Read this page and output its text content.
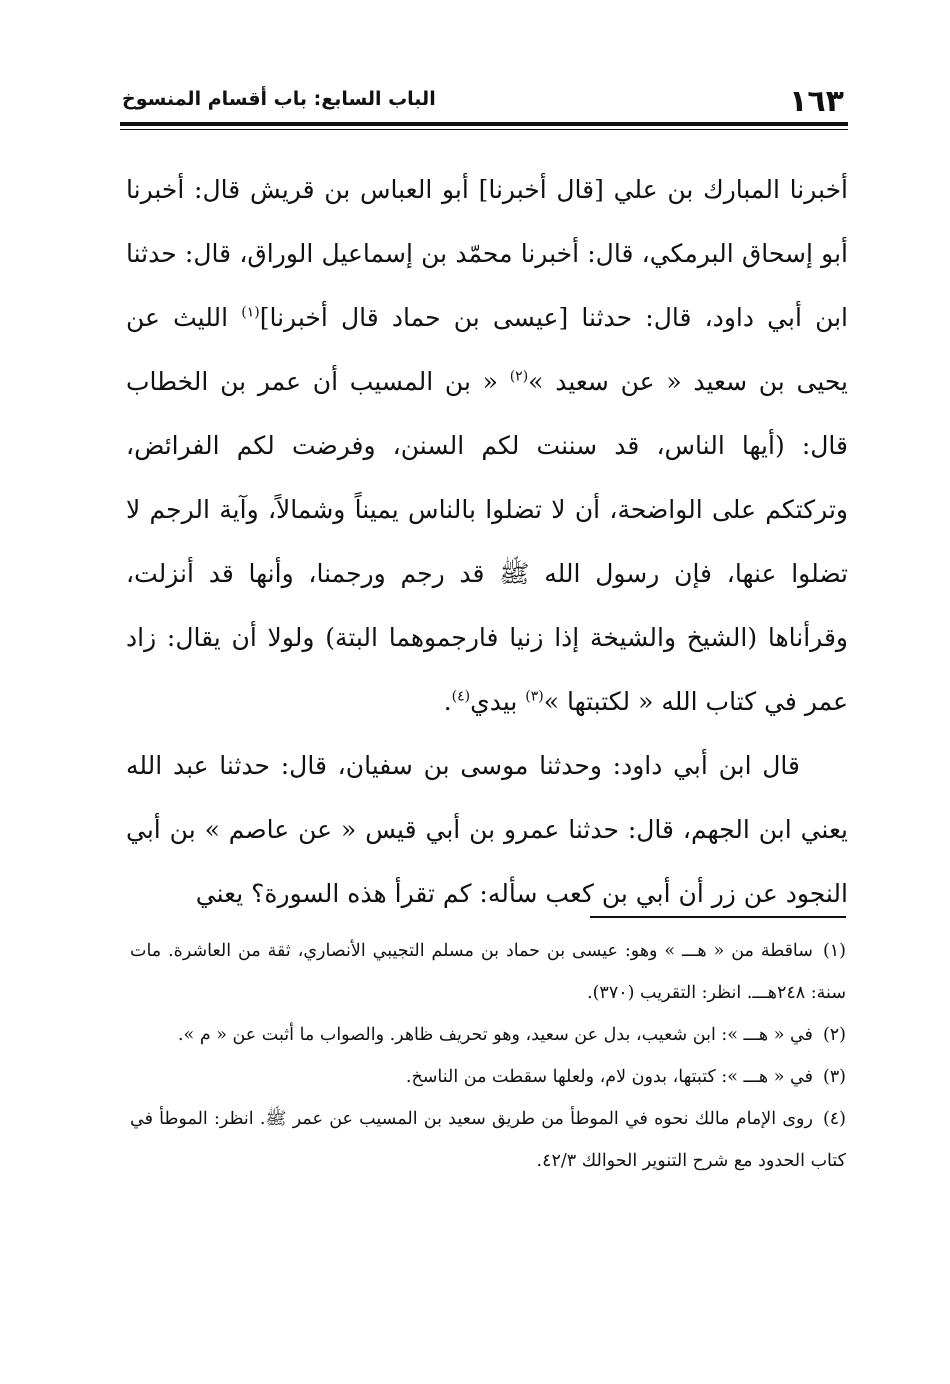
١٦٣
الباب السابع: باب أقسام المنسوخ

أخبرنا المبارك بن علي [قال أخبرنا] أبو العباس بن قريش قال: أخبرنا أبو إسحاق البرمكي، قال: أخبرنا محمّد بن إسماعيل الوراق، قال: حدثنا ابن أبي داود، قال: حدثنا [عيسى بن حماد قال أخبرنا]$^{(١)}$ الليث عن يحيى بن سعيد « عن سعيد »$^{(٢)}$ « بن المسيب أن عمر بن الخطاب قال: (أيها الناس، قد سننت لكم السنن، وفرضت لكم الفرائض، وتركتكم على الواضحة، أن لا تضلوا بالناس يميناً وشمالاً، وآية الرجم لا تضلوا عنها، فإن رسول الله ﷺ قد رجم ورجمنا، وأنها قد أنزلت، وقرأناها (الشيخ والشيخة إذا زنيا فارجموهما البتة) ولولا أن يقال: زاد عمر في كتاب الله « لكتبتها »$^{(٣)}$ بيدي$^{(٤)}$.

قال ابن أبي داود: وحدثنا موسى بن سفيان، قال: حدثنا عبد الله يعني ابن الجهم، قال: حدثنا عمرو بن أبي قيس « عن عاصم » بن أبي النجود عن زر أن أبي بن كعب سأله: كم تقرأ هذه السورة؟ يعني

(١)ساقطة من « هـــ » وهو: عيسى بن حماد بن مسلم التجيبي الأنصاري، ثقة من العاشرة. مات سنة: ٢٤٨هـــ. انظر: التقريب (٣٧٠).

(٢)في « هـــ »: ابن شعيب، بدل عن سعيد، وهو تحريف ظاهر. والصواب ما أثبت عن « م ».

(٣)في « هـــ »: كتبتها، بدون لام، ولعلها سقطت من الناسخ.

(٤)روى الإمام مالك نحوه في الموطأ من طريق سعيد بن المسيب عن عمر ﷺ. انظر: الموطأ في كتاب الحدود مع شرح التنوير الحوالك ٤٢/٣.
